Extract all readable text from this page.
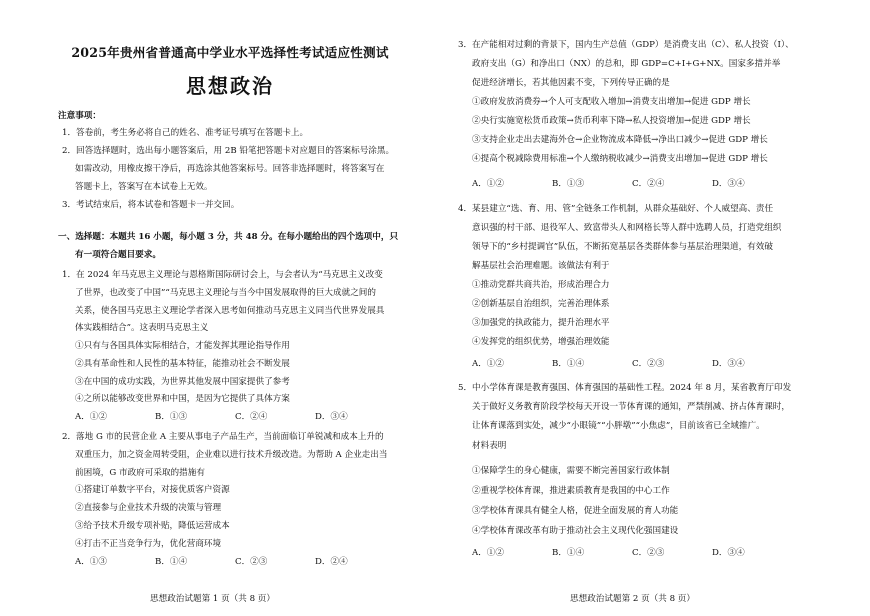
2025年贵州省普通高中学业水平选择性考试适应性测试
思想政治
注意事项：
1．答卷前，考生务必将自己的姓名、准考证号填写在答题卡上。
2．回答选择题时，选出每小题答案后，用 2B 铅笔把答题卡对应题目的答案标号涂黑。
如需改动，用橡皮擦干净后，再选涂其他答案标号。回答非选择题时，将答案写在
答题卡上，答案写在本试卷上无效。
3．考试结束后，将本试卷和答题卡一并交回。
一、选择题：本题共 16 小题，每小题 3 分，共 48 分。在每小题给出的四个选项中，只
有一项符合题目要求。
1．在 2024 年马克思主义理论与恩格斯国际研讨会上，与会者认为“马克思主义改变
了世界，也改变了中国”“马克思主义理论与当今中国发展取得的巨大成就之间的
关系，使各国马克思主义理论学者深入思考如何推动马克思主义同当代世界发展具
体实践相结合”。这表明马克思主义
①只有与各国具体实际相结合，才能发挥其理论指导作用
②具有革命性和人民性的基本特征，能推动社会不断发展
③在中国的成功实践，为世界其他发展中国家提供了参考
④之所以能够改变世界和中国，是因为它提供了具体方案
A．①②	B．①③	C．②④	D．③④
2．落地 G 市的民营企业 A 主要从事电子产品生产，当前面临订单锐减和成本上升的
双重压力，加之资金周转受阻，企业难以进行技术升级改造。为帮助 A 企业走出当
前困境，G 市政府可采取的措施有
①搭建订单数字平台，对接优质客户资源
②直接参与企业技术升级的决策与管理
③给予技术升级专项补贴，降低运营成本
④打击不正当竞争行为，优化营商环境
A．①③	B．①④	C．②③	D．②④
思想政治试题第 1 页（共 8 页）
3．在产能相对过剩的背景下，国内生产总值（GDP）是消费支出（C）、私人投资（I）、
政府支出（G）和净出口（NX）的总和，即 GDP=C+I+G+NX。国家多措并举
促进经济增长，若其他因素不变，下列传导正确的是
①政府发放消费券→个人可支配收入增加→消费支出增加→促进 GDP 增长
②央行实施宽松货币政策→货币利率下降→私人投资增加→促进 GDP 增长
③支持企业走出去建海外仓→企业物流成本降低→净出口减少→促进 GDP 增长
④提高个税减除费用标准→个人缴纳税收减少→消费支出增加→促进 GDP 增长
A．①②	B．①③	C．②④	D．③④
4．某县建立“选、育、用、管”全链条工作机制，从群众基础好、个人威望高、责任
意识强的村干部、退役军人、致富带头人和网格长等人群中选聘人员，打造党组织
领导下的“乡村提调官”队伍，不断拓宽基层各类群体参与基层治理渠道，有效破
解基层社会治理难题。该做法有利于
①推动党群共商共治，形成治理合力
②创新基层自治组织，完善治理体系
③加强党的执政能力，提升治理水平
④发挥党的组织优势，增强治理效能
A．①②	B．①④	C．②③	D．③④
5．中小学体育课是教育强国、体育强国的基础性工程。2024 年 8 月，某省教育厅印发
关于做好义务教育阶段学校每天开设一节体育课的通知，严禁削减、挤占体育课时，
让体育课落到实处，减少“小眼镜”“小胖墩”“小焦虑”，目前该省已全域推广。
材料表明
①保障学生的身心健康，需要不断完善国家行政体制
②重视学校体育课，推进素质教育是我国的中心工作
③学校体育课具有健全人格，促进全面发展的育人功能
④学校体育课改革有助于推动社会主义现代化强国建设
A．①②	B．①④	C．②③	D．③④
思想政治试题第 2 页（共 8 页）
